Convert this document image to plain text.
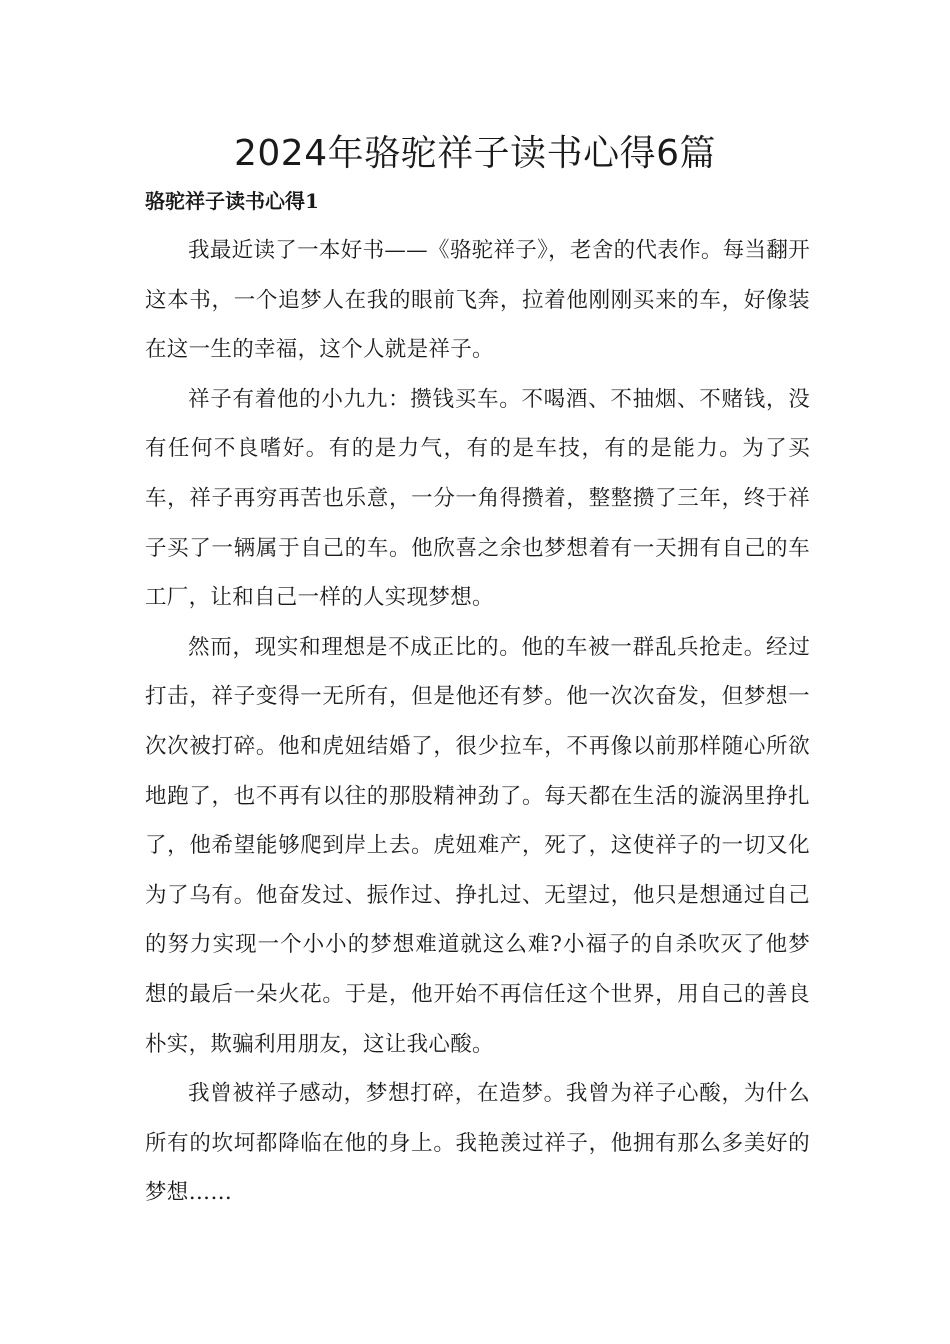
2024年骆驼祥子读书心得6篇
骆驼祥子读书心得1

我最近读了一本好书——《骆驼祥子》，老舍的代表作。每当翻开这本书，一个追梦人在我的眼前飞奔，拉着他刚刚买来的车，好像装在这一生的幸福，这个人就是祥子。

祥子有着他的小九九：攒钱买车。不喝酒、不抽烟、不赌钱，没有任何不良嗜好。有的是力气，有的是车技，有的是能力。为了买车，祥子再穷再苦也乐意，一分一角得攒着，整整攒了三年，终于祥子买了一辆属于自己的车。他欣喜之余也梦想着有一天拥有自己的车工厂，让和自己一样的人实现梦想。

然而，现实和理想是不成正比的。他的车被一群乱兵抢走。经过打击，祥子变得一无所有，但是他还有梦。他一次次奋发，但梦想一次次被打碎。他和虎妞结婚了，很少拉车，不再像以前那样随心所欲地跑了，也不再有以往的那股精神劲了。每天都在生活的漩涡里挣扎了，他希望能够爬到岸上去。虎妞难产，死了，这使祥子的一切又化为了乌有。他奋发过、振作过、挣扎过、无望过，他只是想通过自己的努力实现一个小小的梦想难道就这么难?小福子的自杀吹灭了他梦想的最后一朵火花。于是，他开始不再信任这个世界，用自己的善良朴实，欺骗利用朋友，这让我心酸。

我曾被祥子感动，梦想打碎，在造梦。我曾为祥子心酸，为什么所有的坎坷都降临在他的身上。我艳羡过祥子，他拥有那么多美好的梦想……
